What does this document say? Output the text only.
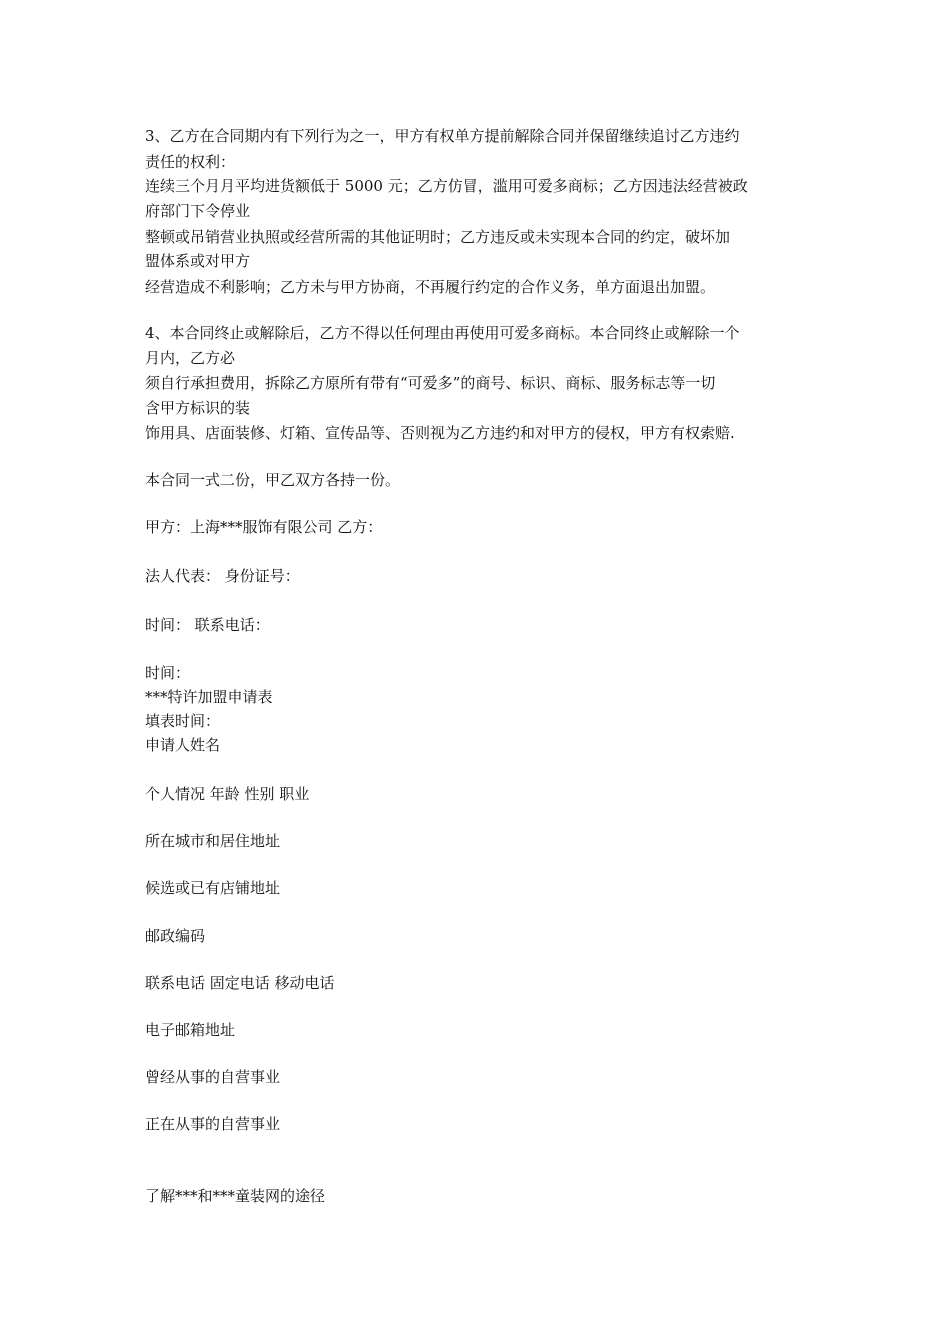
3、乙方在合同期内有下列行为之一，甲方有权单方提前解除合同并保留继续追讨乙方违约
责任的权利：
连续三个月月平均进货额低于 5000 元；乙方仿冒，滥用可爱多商标；乙方因违法经营被政
府部门下令停业
整顿或吊销营业执照或经营所需的其他证明时；乙方违反或未实现本合同的约定，破坏加
盟体系或对甲方
经营造成不利影响；乙方未与甲方协商，不再履行约定的合作义务，单方面退出加盟。
4、本合同终止或解除后，乙方不得以任何理由再使用可爱多商标。本合同终止或解除一个
月内，乙方必
须自行承担费用，拆除乙方原所有带有“可爱多”的商号、标识、商标、服务标志等一切
含甲方标识的装
饰用具、店面装修、灯箱、宣传品等、否则视为乙方违约和对甲方的侵权，甲方有权索赔.
本合同一式二份，甲乙双方各持一份。
甲方：上海***服饰有限公司 乙方：
法人代表： 身份证号：
时间： 联系电话：
时间：
***特许加盟申请表
填表时间：
申请人姓名
个人情况 年龄 性别 职业
所在城市和居住地址
候选或已有店铺地址
邮政编码
联系电话 固定电话 移动电话
电子邮箱地址
曾经从事的自营事业
正在从事的自营事业
了解***和***童装网的途径
